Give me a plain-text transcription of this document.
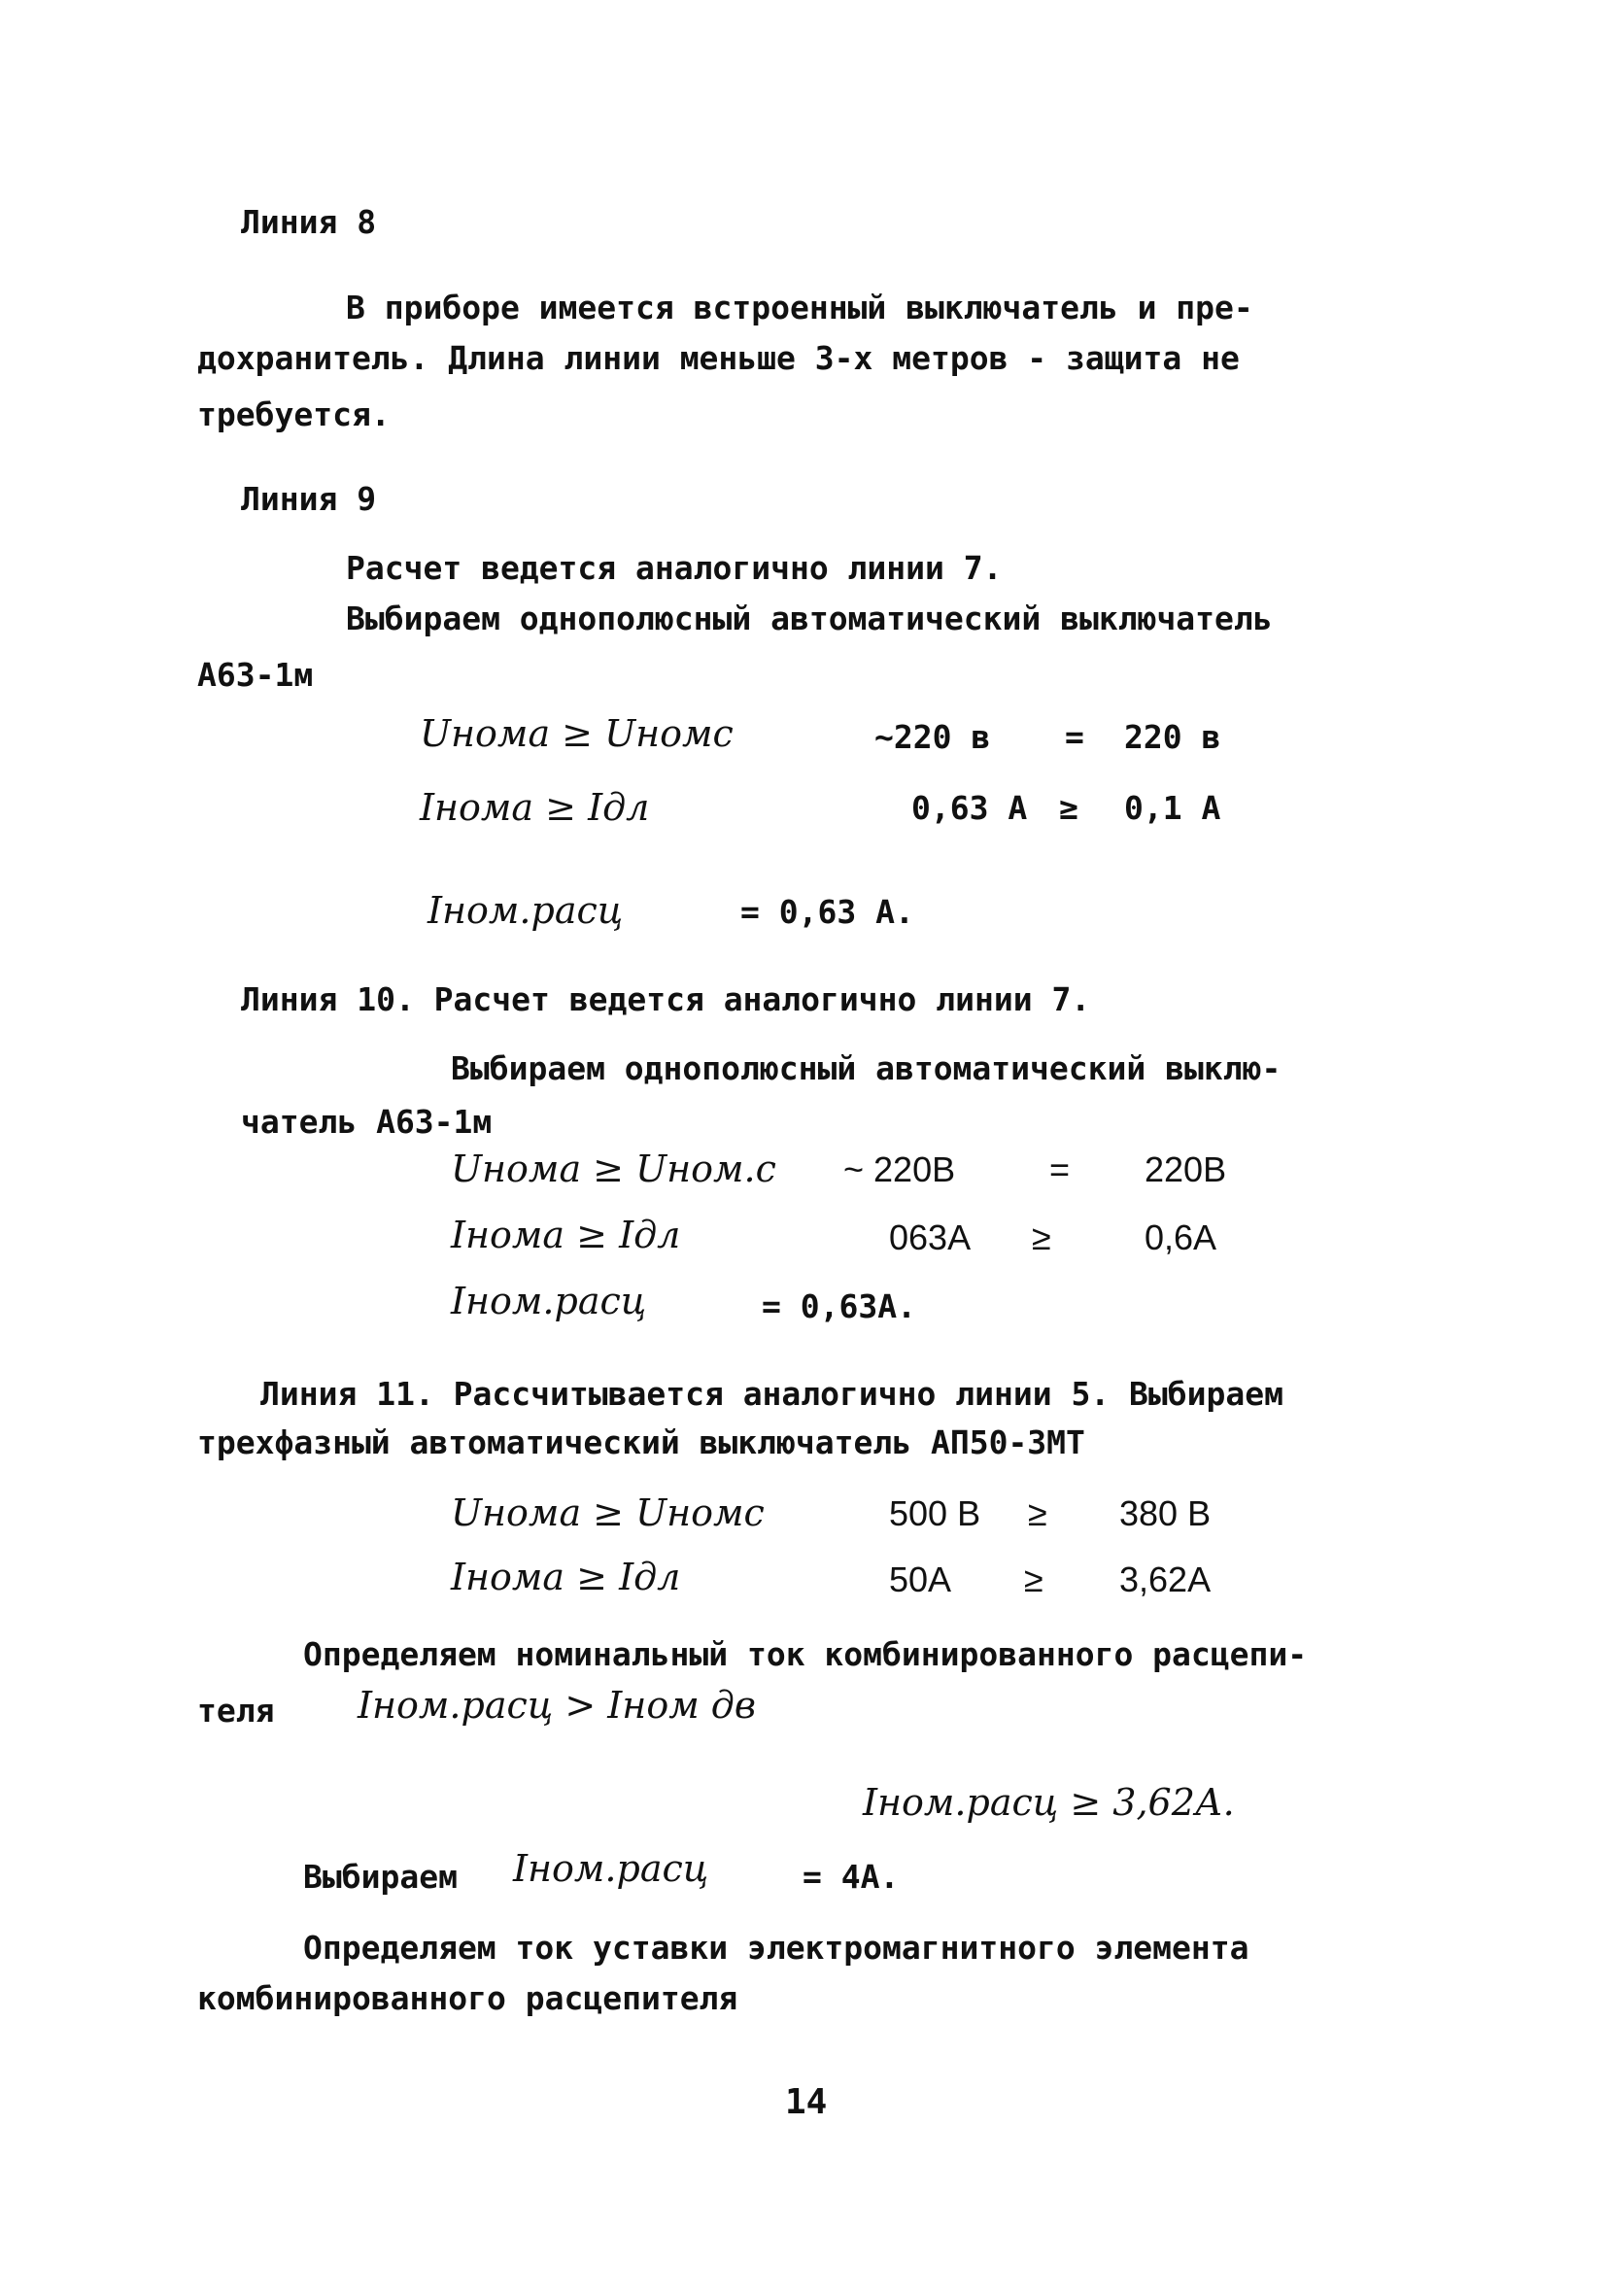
Линия 8
В приборе имеется встроенный выключатель и пре-
дохранитель. Длина линии меньше 3-х метров - защита не
требуется.
Линия 9
Расчет ведется аналогично линии 7.
Выбираем однополюсный автоматический выключатель
А63-1м
Uнома ≥ Uномс	~220 в = 220 в
Iнома ≥ Iдл	0,63 А ≥ 0,1 А
Iном.расц	= 0,63 А.
Линия 10. Расчет ведется аналогично линии 7.
Выбираем однополюсный автоматический выклю-
чатель А63-1м
Uнома ≥ Uном.с ~ 220В	= 220В
Iнома ≥ Iдл	063А ≥	0,6А
Iном.расц	= 0,63А.
Линия 11. Рассчитывается аналогично линии 5. Выбираем
трехфазный автоматический выключатель АП50-3МТ
Uнома ≥ Uномс	500 В ≥ 380 В
Iнома ≥ Iдл	50А ≥ 3,62А
Определяем номинальный ток комбинированного расцепи-
теля Iном.расц > Iном дв
Iном.расц ≥ 3,62А.
Выбираем Iном.расц	= 4А.
Определяем ток уставки электромагнитного элемента
комбинированного расцепителя
14
